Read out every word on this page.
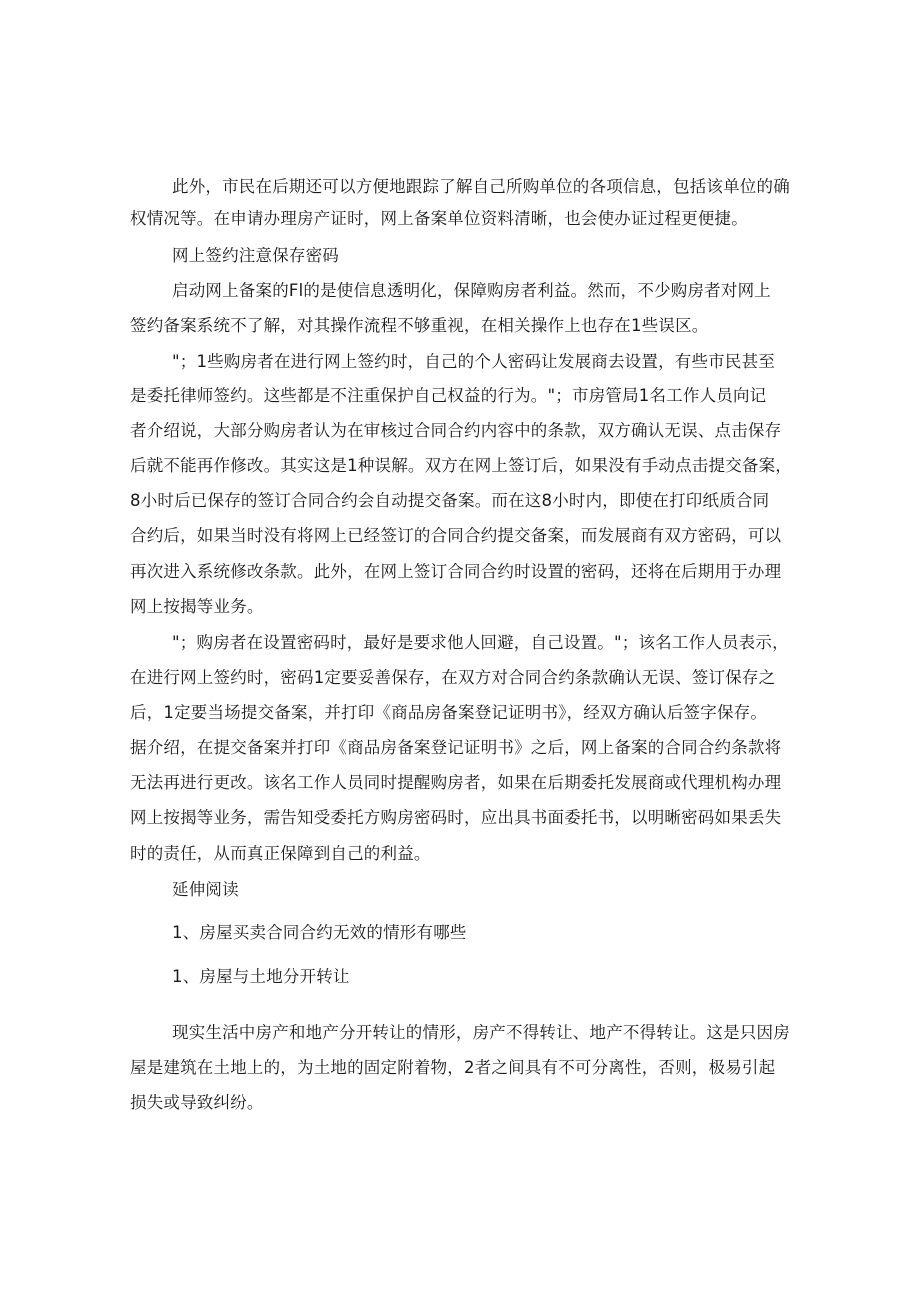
此外，市民在后期还可以方便地跟踪了解自己所购单位的各项信息，包括该单位的确
权情况等。在申请办理房产证时，网上备案单位资料清晰，也会使办证过程更便捷。
网上签约注意保存密码
启动网上备案的Fl的是使信息透明化，保障购房者利益。然而，不少购房者对网上
签约备案系统不了解，对其操作流程不够重视，在相关操作上也存在1些误区。
"；1些购房者在进行网上签约时，自己的个人密码让发展商去设置，有些市民甚至
是委托律师签约。这些都是不注重保护自己权益的行为。"；市房管局1名工作人员向记
者介绍说，大部分购房者认为在审核过合同合约内容中的条款，双方确认无误、点击保存
后就不能再作修改。其实这是1种误解。双方在网上签订后，如果没有手动点击提交备案，
8小时后已保存的签订合同合约会自动提交备案。而在这8小时内，即使在打印纸质合同
合约后，如果当时没有将网上已经签订的合同合约提交备案，而发展商有双方密码，可以
再次进入系统修改条款。此外，在网上签订合同合约时设置的密码，还将在后期用于办理
网上按揭等业务。
"；购房者在设置密码时，最好是要求他人回避，自己设置。"；该名工作人员表示，
在进行网上签约时，密码1定要妥善保存，在双方对合同合约条款确认无误、签订保存之
后，1定要当场提交备案，并打印《商品房备案登记证明书》，经双方确认后签字保存。
据介绍，在提交备案并打印《商品房备案登记证明书》之后，网上备案的合同合约条款将
无法再进行更改。该名工作人员同时提醒购房者，如果在后期委托发展商或代理机构办理
网上按揭等业务，需告知受委托方购房密码时，应出具书面委托书，以明晰密码如果丢失
时的责任，从而真正保障到自己的利益。
延伸阅读
1、房屋买卖合同合约无效的情形有哪些
1、房屋与土地分开转让
现实生活中房产和地产分开转让的情形，房产不得转让、地产不得转让。这是只因房
屋是建筑在土地上的，为土地的固定附着物，2者之间具有不可分离性，否则，极易引起
损失或导致纠纷。
